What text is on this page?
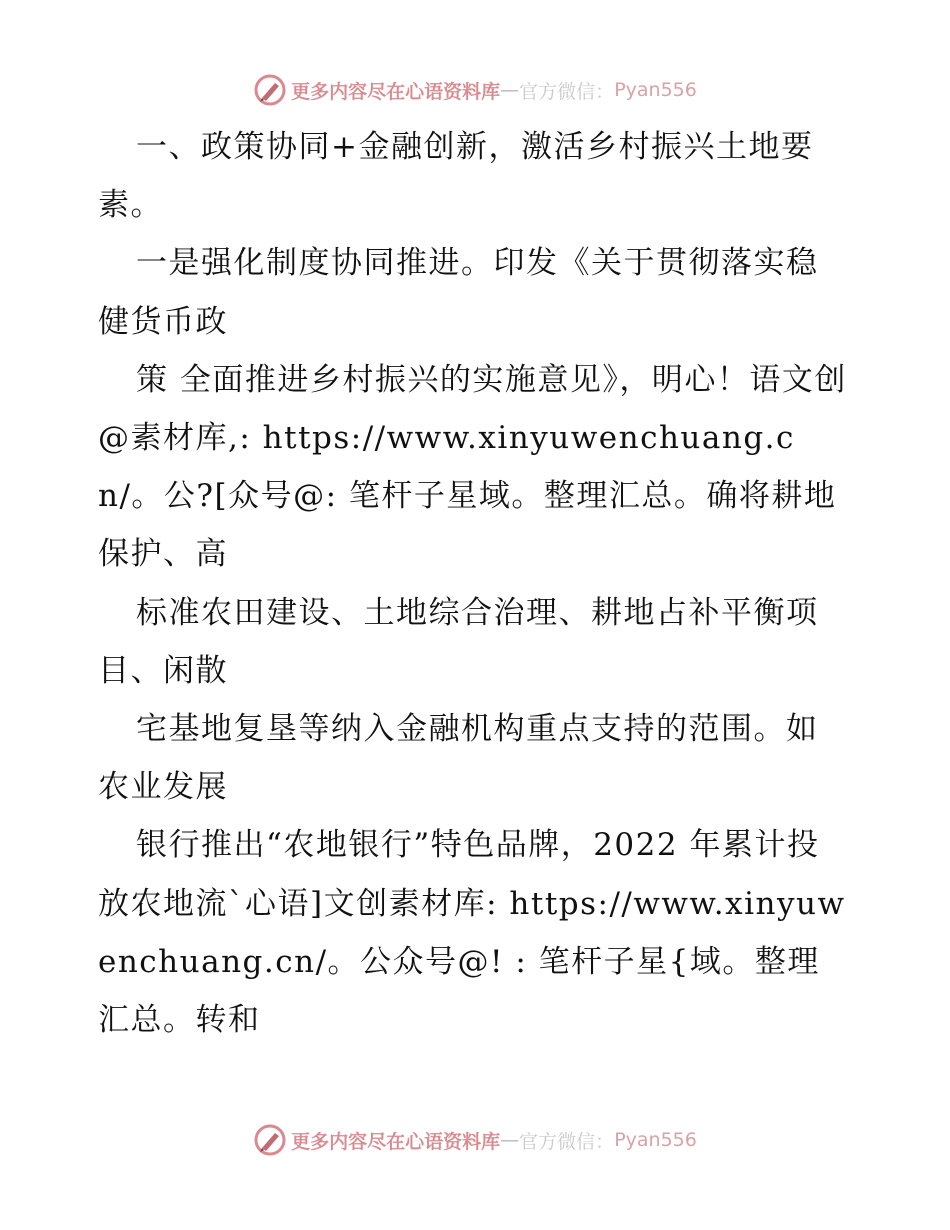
更多内容尽在心语资料库 — 官方微信： Pyan556

一、政策协同+金融创新，激活乡村振兴土地要素。

一是强化制度协同推进。印发《关于贯彻落实稳健货币政

策 全面推进乡村振兴的实施意见》，明心！语文创@素材库,: https://www.xinyuwenchuang.cn/。公?[众号@: 笔杆子星域。整理汇总。确将耕地保护、高

标准农田建设、土地综合治理、耕地占补平衡项目、闲散

宅基地复垦等纳入金融机构重点支持的范围。如农业发展

银行推出“农地银行”特色品牌，2022 年累计投放农地流`心语]文创素材库: https://www.xinyuwenchuang.cn/。公众号@! : 笔杆子星{域。整理汇总。转和

更多内容尽在心语资料库 — 官方微信： Pyan556
